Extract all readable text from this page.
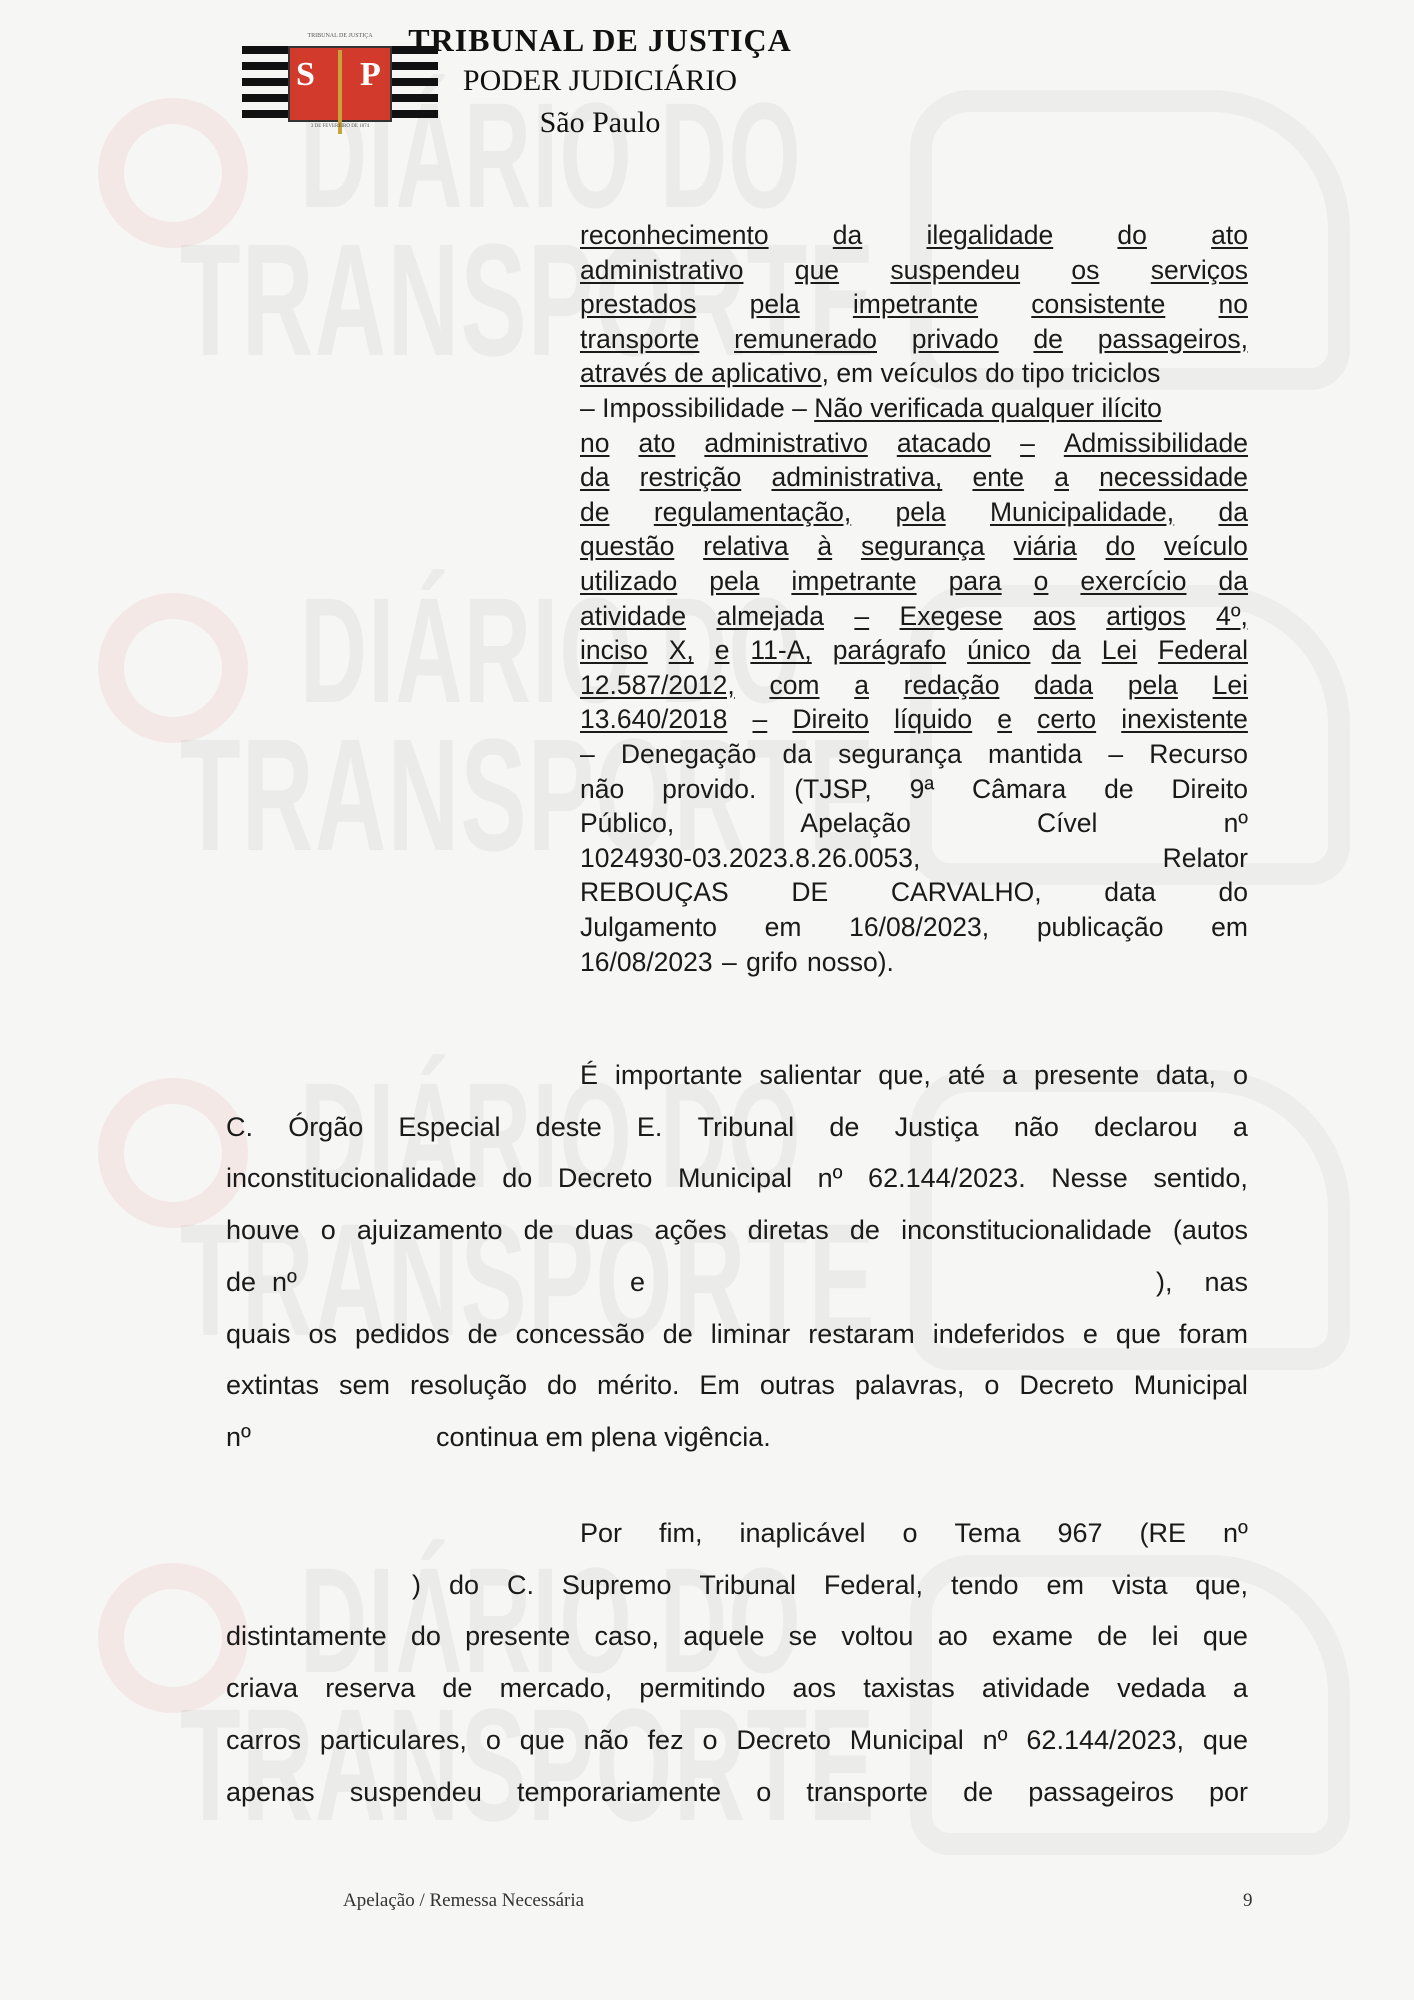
S P
TRIBUNAL DE JUSTIÇA
3 DE FEVEREIRO DE 1874
TRIBUNAL DE JUSTIÇA
PODER JUDICIÁRIO
São Paulo
reconhecimento da ilegalidade do ato
administrativo que suspendeu os serviços
prestados pela impetrante consistente no
transporte remunerado privado de passageiros,
através de aplicativo , em veículos do tipo triciclos
– Impossibilidade – Não verificada qualquer ilícito
no ato administrativo atacado – Admissibilidade
da restrição administrativa, ente a necessidade
de regulamentação, pela Municipalidade, da
questão relativa à segurança viária do veículo
utilizado pela impetrante para o exercício da
atividade almejada – Exegese aos artigos 4º,
inciso X, e 11-A, parágrafo único da Lei Federal
12.587/2012, com a redação dada pela Lei
13.640/2018 – Direito líquido e certo inexistente
– Denegação da segurança mantida – Recurso
não provido. (TJSP, 9ª Câmara de Direito
Público,	Apelação	Cível	nº
1024930-03.2023.8.26.0053,	Relator
REBOUÇAS DE CARVALHO, data do
Julgamento em 16/08/2023, publicação em
16/08/2023 – grifo nosso).
É importante salientar que, até a presente data, o
C. Órgão Especial deste E. Tribunal de Justiça não declarou a
inconstitucionalidade do Decreto Municipal nº 62.144/2023. Nesse sentido,
houve o ajuizamento de duas ações diretas de inconstitucionalidade (autos
de nº	e	), nas
quais os pedidos de concessão de liminar restaram indeferidos e que foram
extintas sem resolução do mérito. Em outras palavras, o Decreto Municipal
nº	continua em plena vigência.
Por fim, inaplicável o Tema 967 (RE nº
) do C. Supremo Tribunal Federal, tendo em vista que,
distintamente do presente caso, aquele se voltou ao exame de lei que
criava reserva de mercado, permitindo aos taxistas atividade vedada a
carros particulares, o que não fez o Decreto Municipal nº 62.144/2023, que
apenas suspendeu temporariamente o transporte de passageiros por
Apelação / Remessa Necessária	9
